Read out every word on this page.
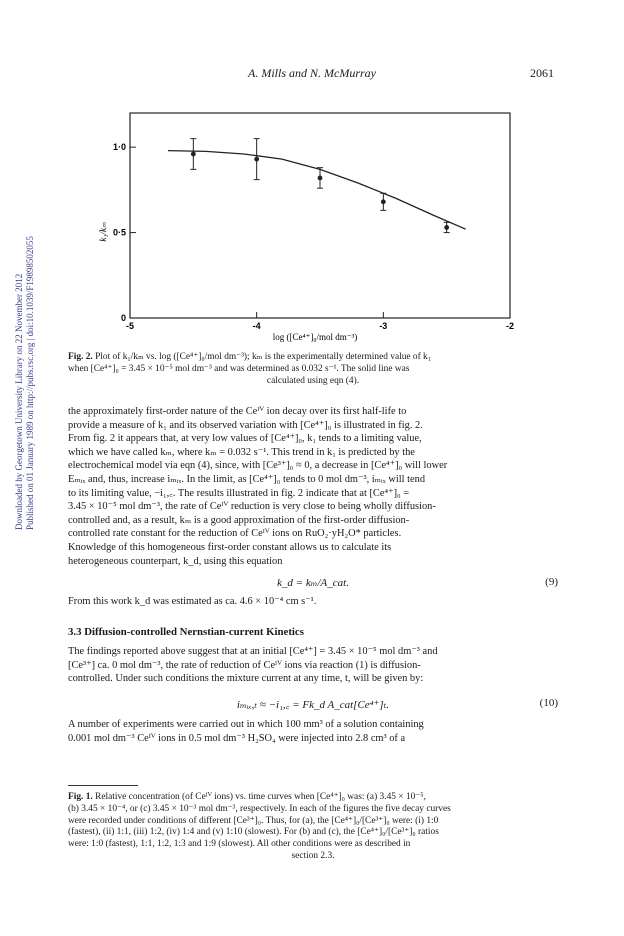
A. Mills and N. McMurray	2061
Downloaded by Georgetown University Library on 22 November 2012 Published on 01 January 1989 on http://pubs.rsc.org | doi:10.1039/F19898502055	-5	-4	-3	-2
0
0·5
1·0
k₁/kₘ
log ([Ce⁴⁺]₀/mol dm⁻³)
Fig. 2. Plot of k₁/kₘ vs. log ([Ce⁴⁺]₀/mol dm⁻³); kₘ is the experimentally determined value of k₁
when [Ce⁴⁺]₀ = 3.45 × 10⁻⁵ mol dm⁻³ and was determined as 0.032 s⁻¹. The solid line was
calculated using eqn (4).
the approximately first-order nature of the Ceᴵⱽ ion decay over its first half-life to
provide a measure of k₁ and its observed variation with [Ce⁴⁺]₀ is illustrated in fig. 2.
From fig. 2 it appears that, at very low values of [Ce⁴⁺]₀, k₁ tends to a limiting value,
which we have called kₘ, where kₘ = 0.032 s⁻¹. This trend in k₁ is predicted by the
electrochemical model via eqn (4), since, with [Ce³⁺]₀ ≈ 0, a decrease in [Ce⁴⁺]₀ will lower
Eₘᵢₓ and, thus, increase iₘᵢₓ. In the limit, as [Ce⁴⁺]₀ tends to 0 mol dm⁻³, iₘᵢₓ will tend
to its limiting value, −i₁,꜀. The results illustrated in fig. 2 indicate that at [Ce⁴⁺]₀ =
3.45 × 10⁻⁵ mol dm⁻³, the rate of Ceᴵⱽ reduction is very close to being wholly diffusion-
controlled and, as a result, kₘ is a good approximation of the first-order diffusion-
controlled rate constant for the reduction of Ceᴵⱽ ions on RuO₂·yH₂O* particles.
Knowledge of this homogeneous first-order constant allows us to calculate its
heterogeneous counterpart, k_d, using this equation
k_d = kₘ/A_cat.	(9)
From this work k_d was estimated as ca. 4.6 × 10⁻⁴ cm s⁻¹.
3.3 Diffusion-controlled Nernstian-current Kinetics
The findings reported above suggest that at an initial [Ce⁴⁺] = 3.45 × 10⁻⁵ mol dm⁻³ and
[Ce³⁺] ca. 0 mol dm⁻³, the rate of reduction of Ceᴵⱽ ions via reaction (1) is diffusion-
controlled. Under such conditions the mixture current at any time, t, will be given by:
iₘᵢₓ,ₜ ≈ −i₁,꜀ = Fk_d A_cat[Ce⁴⁺]ₜ.	(10)
A number of experiments were carried out in which 100 mm³ of a solution containing
0.001 mol dm⁻³ Ceᴵⱽ ions in 0.5 mol dm⁻³ H₂SO₄ were injected into 2.8 cm³ of a
Fig. 1. Relative concentration (of Ceᴵⱽ ions) vs. time curves when [Ce⁴⁺]₀ was: (a) 3.45 × 10⁻⁵,
(b) 3.45 × 10⁻⁴, or (c) 3.45 × 10⁻³ mol dm⁻³, respectively. In each of the figures the five decay curves
were recorded under conditions of different [Ce³⁺]₀. Thus, for (a), the [Ce⁴⁺]₀/[Ce³⁺]₀ were: (i) 1:0
(fastest), (ii) 1:1, (iii) 1:2, (iv) 1:4 and (v) 1:10 (slowest). For (b) and (c), the [Ce⁴⁺]₀/[Ce³⁺]₀ ratios
were: 1:0 (fastest), 1:1, 1:2, 1:3 and 1:9 (slowest). All other conditions were as described in
section 2.3.
